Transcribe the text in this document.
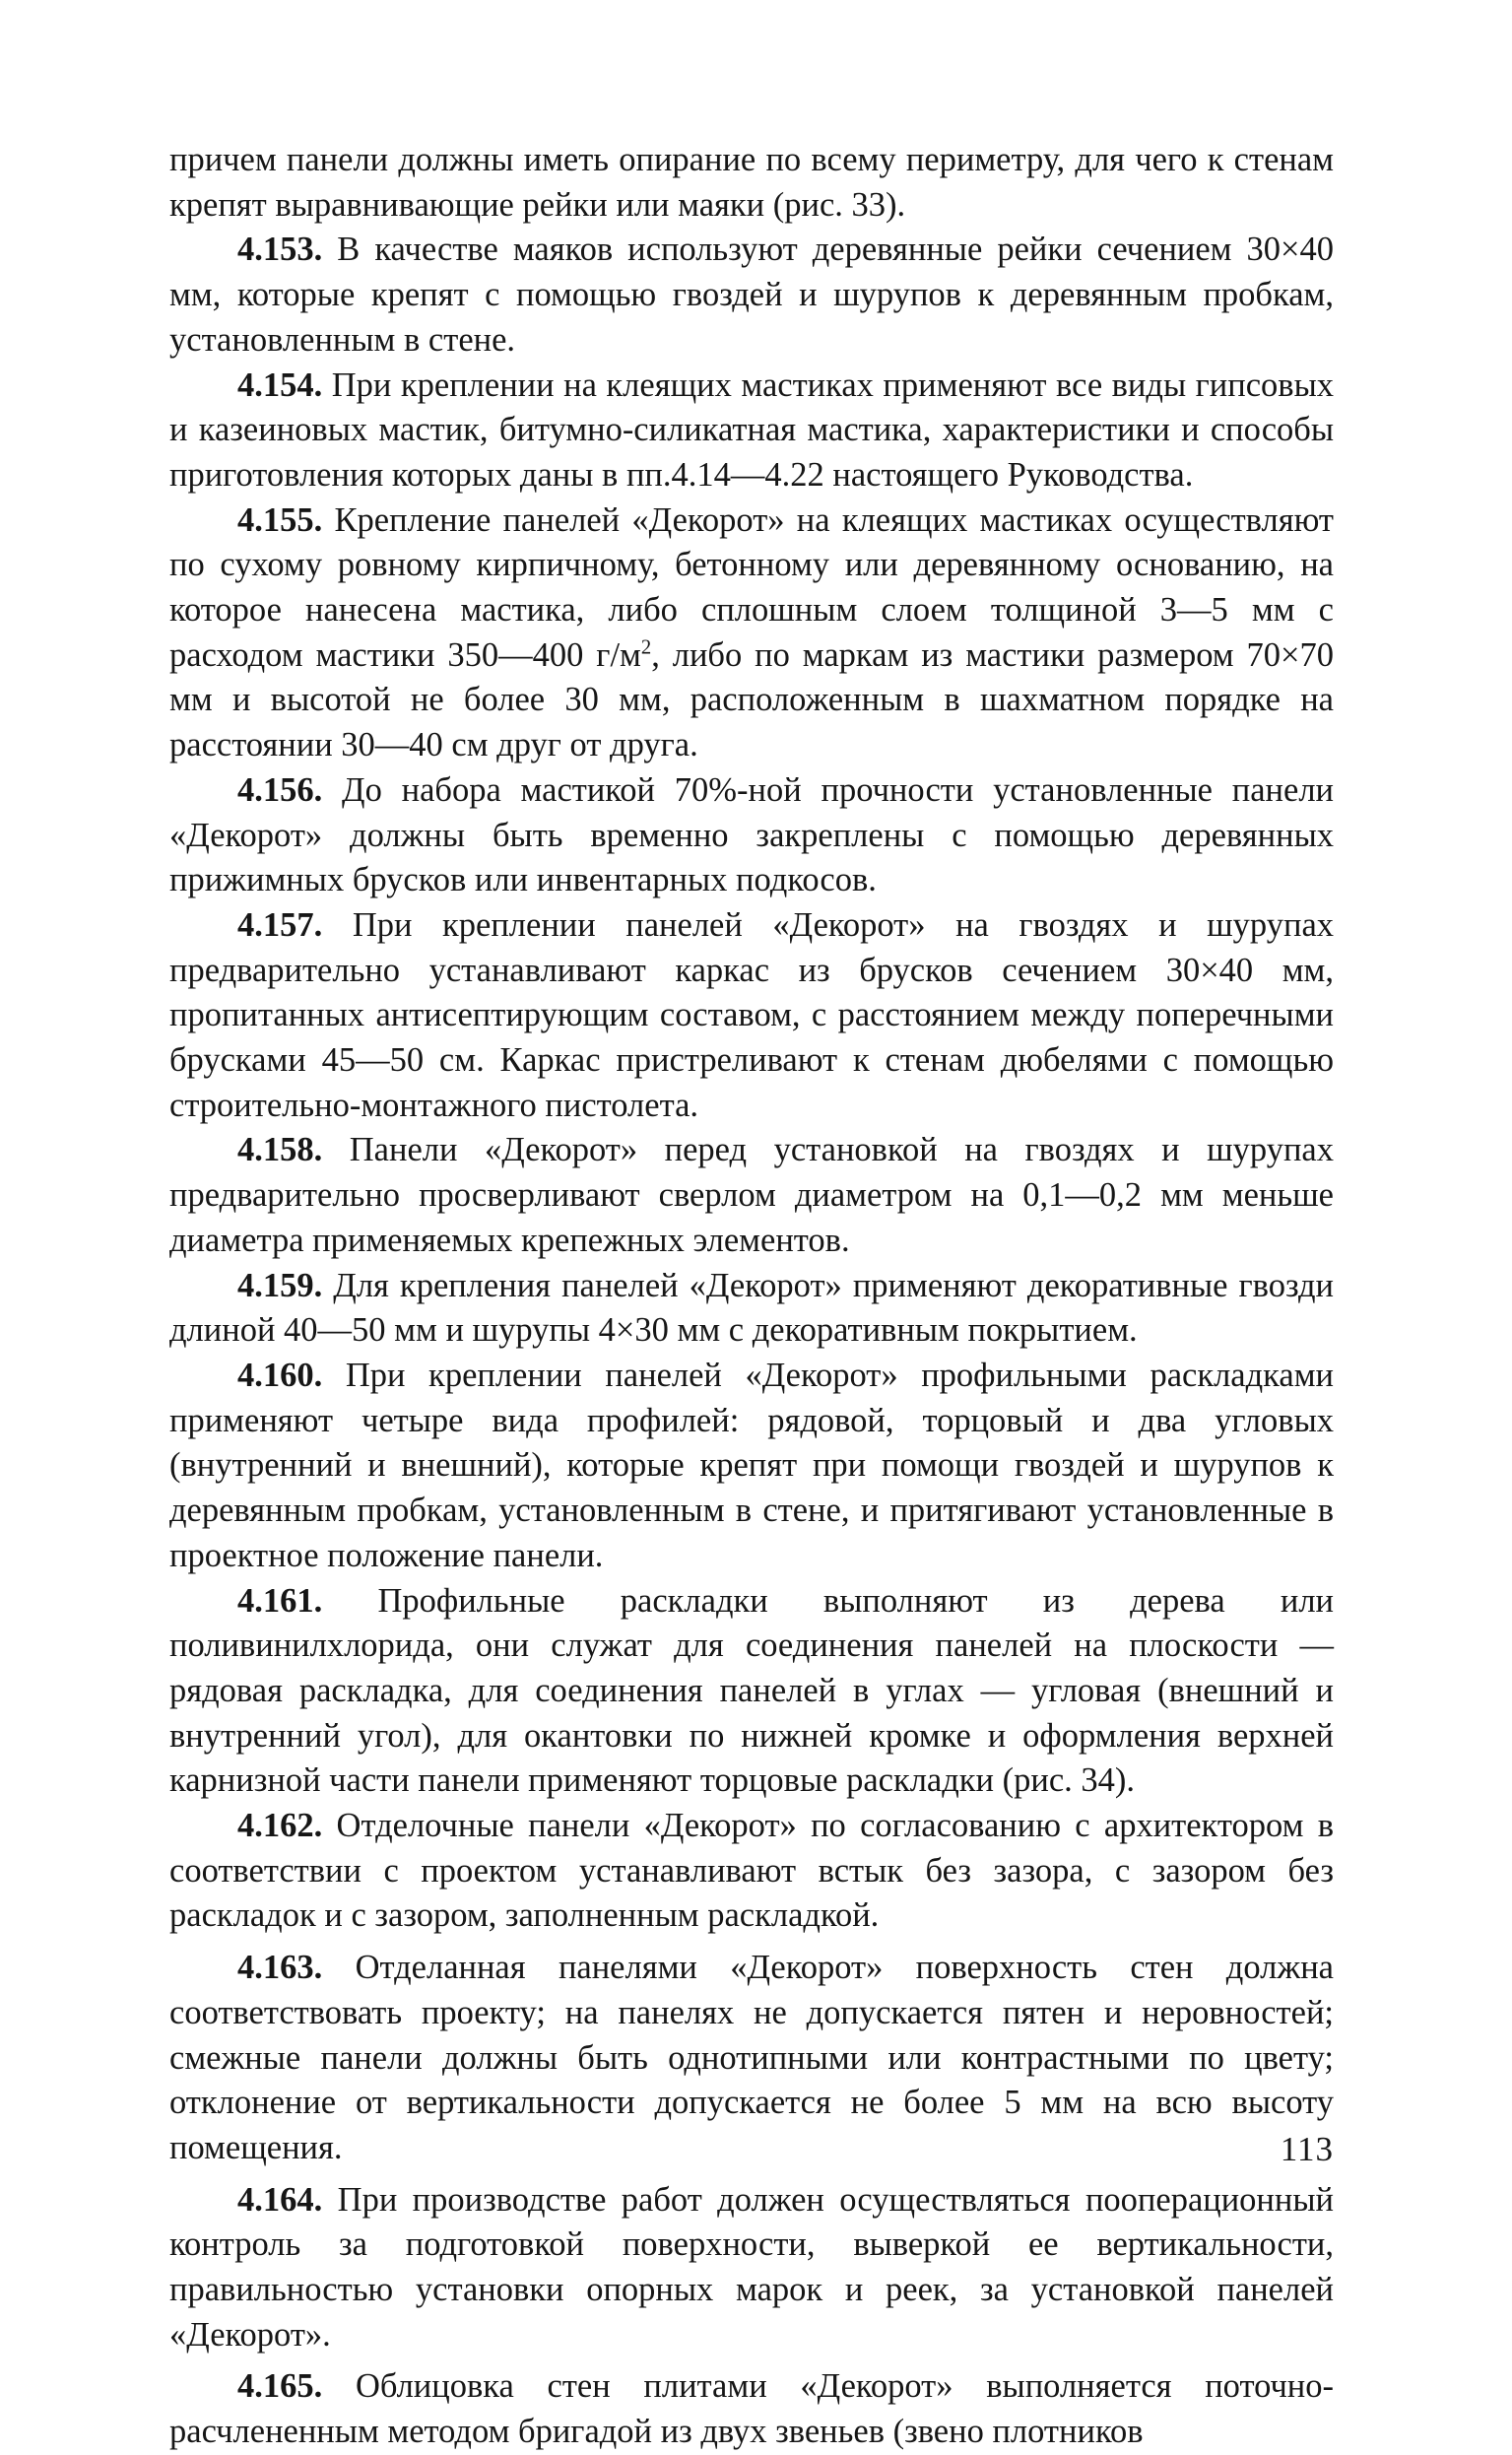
причем панели должны иметь опирание по всему периметру, для чего к стенам крепят выравнивающие рейки или маяки (рис. 33).

4.153. В качестве маяков используют деревянные рейки сечением 30×40 мм, которые крепят с помощью гвоздей и шурупов к деревянным пробкам, установленным в стене.

4.154. При креплении на клеящих мастиках применяют все виды гипсовых и казеиновых мастик, битумно-силикатная мастика, характеристики и способы приготовления которых даны в пп.4.14—4.22 настоящего Руководства.

4.155. Крепление панелей «Декорот» на клеящих мастиках осуществляют по сухому ровному кирпичному, бетонному или деревянному основанию, на которое нанесена мастика, либо сплошным слоем толщиной 3—5 мм с расходом мастики 350—400 $г/м^2$, либо по маркам из мастики размером 70×70 мм и высотой не более 30 мм, расположенным в шахматном порядке на расстоянии 30—40 см друг от друга.

4.156. До набора мастикой 70%-ной прочности установленные панели «Декорот» должны быть временно закреплены с помощью деревянных прижимных брусков или инвентарных подкосов.

4.157. При креплении панелей «Декорот» на гвоздях и шурупах предварительно устанавливают каркас из брусков сечением 30×40 мм, пропитанных антисептирующим составом, с расстоянием между поперечными брусками 45—50 см. Каркас пристреливают к стенам дюбелями с помощью строительно-монтажного пистолета.

4.158. Панели «Декорот» перед установкой на гвоздях и шурупах предварительно просверливают сверлом диаметром на 0,1—0,2 мм меньше диаметра применяемых крепежных элементов.

4.159. Для крепления панелей «Декорот» применяют декоративные гвозди длиной 40—50 мм и шурупы 4×30 мм с декоративным покрытием.

4.160. При креплении панелей «Декорот» профильными раскладками применяют четыре вида профилей: рядовой, торцовый и два угловых (внутренний и внешний), которые крепят при помощи гвоздей и шурупов к деревянным пробкам, установленным в стене, и притягивают установленные в проектное положение панели.

4.161. Профильные раскладки выполняют из дерева или поливинилхлорида, они служат для соединения панелей на плоскости — рядовая раскладка, для соединения панелей в углах — угловая (внешний и внутренний угол), для окантовки по нижней кромке и оформления верхней карнизной части панели применяют торцовые раскладки (рис. 34).

4.162. Отделочные панели «Декорот» по согласованию с архитектором в соответствии с проектом устанавливают встык без зазора, с зазором без раскладок и с зазором, заполненным раскладкой.

4.163. Отделанная панелями «Декорот» поверхность стен должна соответствовать проекту; на панелях не допускается пятен и неровностей; смежные панели должны быть однотипными или контрастными по цвету; отклонение от вертикальности допускается не более 5 мм на всю высоту помещения.

4.164. При производстве работ должен осуществляться пооперационный контроль за подготовкой поверхности, выверкой ее вертикальности, правильностью установки опорных марок и реек, за установкой панелей «Декорот».

4.165. Облицовка стен плитами «Декорот» выполняется поточно-расчлененным методом бригадой из двух звеньев (звено плотников

113
